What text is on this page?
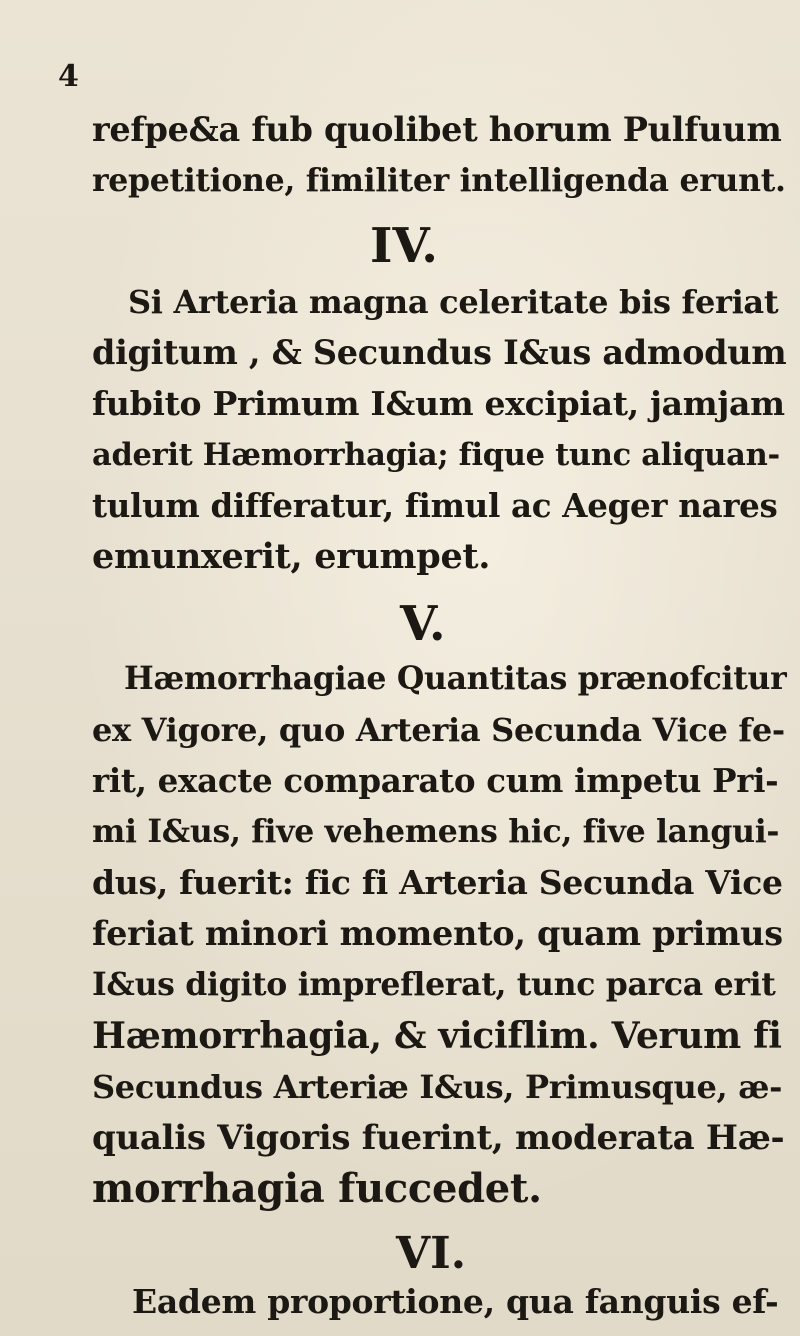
4
refpe&a fub quolibet horum Pulfuum
repetitione, fimiliter intelligenda erunt.
IV.
Si Arteria magna celeritate bis feriat
digitum , & Secundus I&us admodum
fubito Primum I&um excipiat, jamjam
aderit Hæmorrhagia; fique tunc aliquan-
tulum differatur, fimul ac Aeger nares
emunxerit, erumpet.
V.
Hæmorrhagiae Quantitas prænofcitur
ex Vigore, quo Arteria Secunda Vice fe-
rit, exacte comparato cum impetu Pri-
mi I&us, five vehemens hic, five langui-
dus, fuerit: fic fi Arteria Secunda Vice
feriat minori momento, quam primus
I&us digito impreflerat, tunc parca erit
Hæmorrhagia, & viciflim. Verum fi
Secundus Arteriæ I&us, Primusque, æ-
qualis Vigoris fuerint, moderata Hæ-
morrhagia fuccedet.
VI.
Eadem proportione, qua fanguis ef-
